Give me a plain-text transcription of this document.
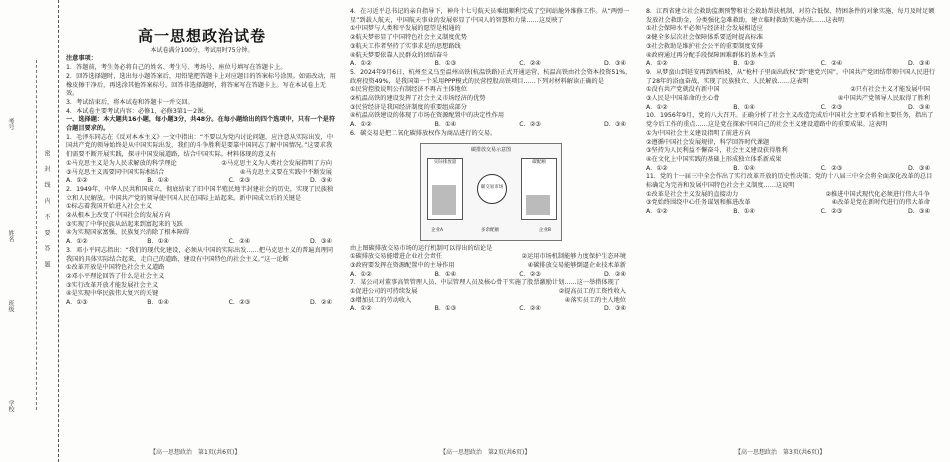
考号
姓名
班级
学校
密 封 线 内 不 要 答 题
高一思想政治试卷

本试卷满分100分，考试用时75分钟。

注意事项：

1．答题前，考生务必将自己的姓名、考生号、考场号、座位号填写在答题卡上。

2．回答选择题时，选出每小题答案后，用铅笔把答题卡上对应题目的答案标号涂黑。如需改动，用橡皮擦干净后，再选涂其他答案标号。回答非选择题时，将答案写在答题卡上。写在本试卷上无效。

3．考试结束后，将本试卷和答题卡一并交回。

4．本试卷主要考试内容：必修1，必修3第1～2课。

一、选择题：本大题共16小题，每小题3分，共48分。在每小题给出的四个选项中，只有一个是符合题目要求的。

1．毛泽东同志在《反对本本主义》一文中指出：“不要以为党内讨论问题，应注意从实际出发，中国共产党的领导始终是从中国实际出发，我们的斗争胜利是要靠中国同志了解中国情况。”这要求我们需要不断开展实践，探寻中国发展道路，结合中国实际。材料体现的意义有

①马克思主义是为人民求解放的科学理论	②马克思主义为人类社会发展指明了方向
③马克思主义需要同中国实际相结合	④马克思主义要在实践中不断发展
A．①②	B．①④	C．②③	D．③④

2．1949年，中华人民共和国成立，彻底结束了旧中国半殖民地半封建社会的历史，实现了民族独立和人民解放。中国共产党的领导使中国人民在国际上站起来。新中国成立后的关键是

①标志着我国开始进入社会主义

②从根本上改变了中国社会的发展方向

③实现了中华民族从站起来到富起来的飞跃

④为实现国家富强、民族复兴消除了根本障碍

A．①②	B．①④	C．②④	D．③④

3．邓小平同志指出：“我们的现代化建设，必须从中国的实际出发……把马克思主义的普遍真理同我国的具体实际结合起来，走自己的道路，建设有中国特色的社会主义。”这一论断

①改革开放是中国特色社会主义道路

②邓小平理论回答了什么是社会主义

③实行改革开放才能发展社会主义

④是实现中华民族伟大复兴的关键

A．①③	B．①④	C．②③	D．②④
【高一思想政治　第1页(共6页)】

4．在习近平总书记的亲自指导下，神舟十七号航天员乘组顺利完成了空间站舱外维修工作。从“两弹一星”到载人航天，中国航天事业的发展彰显了中国人的智慧和力量……这反映了

①中国梦与人类和平发展的愿望是相通的

②航天梦彰显了中国特色社会主义制度优势

③航天工作者坚持了实事求是的思想路线

④航天梦要依靠人民群众的团结奋斗

A．①②	B．①③	C．②④	D．③④

5．2024年9月6日，杭州至义乌至温州高铁(杭温铁路)正式开通运营，杭温高铁由社会资本投资51%，政府投资49%，是我国第一个采用PPP模式的民营控股高铁项目……下列对材料解读正确的是

①民营控股说明公有制经济不再占主体地位

②杭温高铁的建设发挥了社会主义市场经济的优势

③民营经济是我国经济制度的重要组成部分

④杭温高铁建设的体现了市场在资源配置中的决定性作用

A．①②	B．①④	C．②③	D．③④

6．碳交易是把二氧化碳排放权作为商品进行的交易。

碳排放交易示意图
实际排放量
碳交易市场
碳配额
企业A	多余配额	企业B

由上图碳排放交易市场的运行机制可以得出的结论是

①碳排放交易能增进企业社会责任	②运用市场机制能够力度保护生态环境
③政府要发挥在资源配置中的主导作用	④碳排放交易能够倒逼企业技术革新
A．①②	B．①④	C．②③	D．②④

7．某公司对董事高管管理人员、中层管理人员及核心骨干实施了股票激励计划……这一举措体现了

①促进公司的可持续发展	②提高员工的工资性收入
③增加员工的劳动收入	④落实员工的主人地位
A．①②	B．①③	C．②④	D．③④
【高一思想政治　第2页(共6页)】

8．江西省建立社会救助监测预警和社会救助帮扶机制，对符合低保、特困条件的对象实施，每月及时足额发放社会救助金，分类强化急难救助，建立临时救助实施办法……这表明

①社会保障水平必须与经济社会发展相适应

②健全多层次社会保障体系要适时提高标准

③社会救助是维护社会公平的重要制度安排

④政府通过再分配手段保障困难群体的基本生活

A．①②	B．①③	C．②④	D．③④

9．从梦蛮山到延安再到西柏坡，从“枪杆子里面出政权”到“建党兴国”，中国共产党团结带领中国人民进行了28年的浴血奋战，实现了民族独立、人民解放……这表明

①没有共产党就没有新中国	②只有社会主义才能发展中国
③人民是中国革命的主心骨	④中国共产党领导人民取得了胜利
A．①②	B．①④	C．②③	D．③④

10．1956年9月，党的八大召开。正确分析了社会主义改造完成后中国社会主要矛盾和主要任务，指出了党今后工作的重点……这是党在探索中国自己的社会主义建设道路中的重要成果。这表明

①为中国社会主义建设指明了前进方向

②遵循中国社会发展规律，科学回答时代课题

③坚持为人民利益不懈奋斗，社会主义建设获得胜利

④在文化上中国实践的基础上形成独立体系新成果

A．①②	B．①④	C．②③	D．③④

11．党的十一届三中全会作出了实行改革开放的历史性决策；党的十八届三中全会将全面深化改革的总目标确定为完善和发展中国特色社会主义制度……这说明

①改革是社会主义发展的直接动力	②推进中国式现代化必须进行伟大斗争
③党始终围绕中心任务谋划和推进改革	④改革是党在新时代进行的伟大革命
A．①②	B．①④	C．②③	D．③④
【高一思想政治　第3页(共6页)】
